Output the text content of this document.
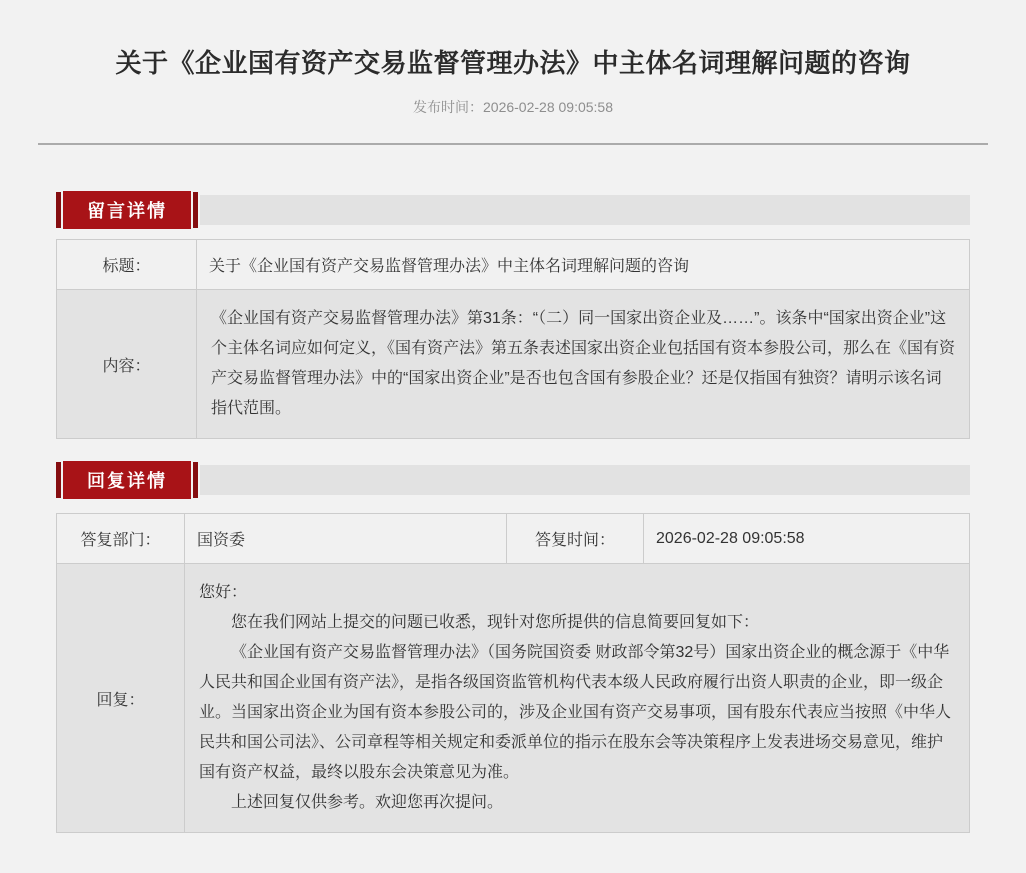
关于《企业国有资产交易监督管理办法》中主体名词理解问题的咨询
发布时间：2026-02-28 09:05:58
留言详情
标题：	关于《企业国有资产交易监督管理办法》中主体名词理解问题的咨询
内容：	《企业国有资产交易监督管理办法》第31条：“（二）同一国家出资企业及……”。该条中“国家出资企业”这个主体名词应如何定义，《国有资产法》第五条表述国家出资企业包括国有资本参股公司，那么在《国有资产交易监督管理办法》中的“国家出资企业”是否也包含国有参股企业？还是仅指国有独资？请明示该名词指代范围。
回复详情
答复部门：	国资委	答复时间：	2026-02-28 09:05:58
回复：	您好：

您在我们网站上提交的问题已收悉，现针对您所提供的信息简要回复如下：

《企业国有资产交易监督管理办法》（国务院国资委 财政部令第32号）国家出资企业的概念源于《中华人民共和国企业国有资产法》，是指各级国资监管机构代表本级人民政府履行出资人职责的企业，即一级企业。当国家出资企业为国有资本参股公司的，涉及企业国有资产交易事项，国有股东代表应当按照《中华人民共和国公司法》、公司章程等相关规定和委派单位的指示在股东会等决策程序上发表进场交易意见，维护国有资产权益，最终以股东会决策意见为准。

上述回复仅供参考。欢迎您再次提问。		
